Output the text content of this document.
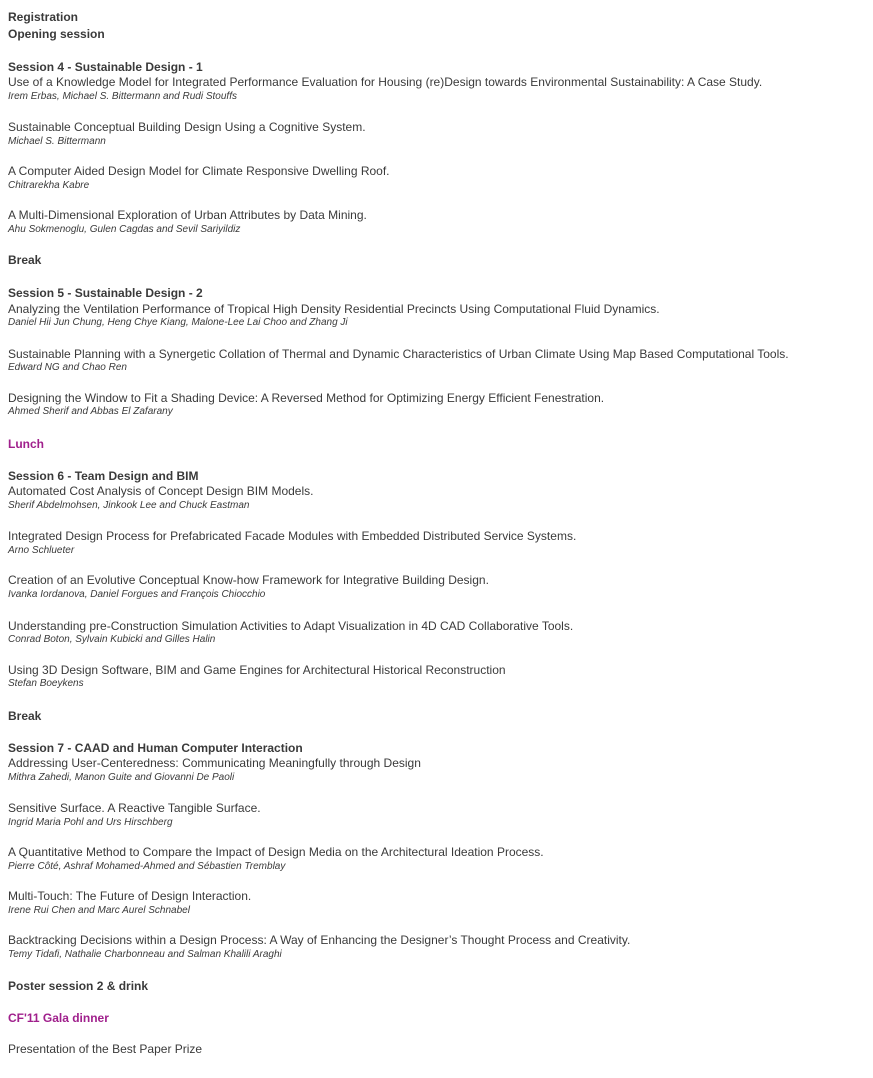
Registration
Opening session
Session 4 - Sustainable Design - 1
Use of a Knowledge Model for Integrated Performance Evaluation for Housing (re)Design towards Environmental Sustainability: A Case Study.
Irem Erbas, Michael S. Bittermann and Rudi Stouffs
Sustainable Conceptual Building Design Using a Cognitive System.
Michael S. Bittermann
A Computer Aided Design Model for Climate Responsive Dwelling Roof.
Chitrarekha Kabre
A Multi-Dimensional Exploration of Urban Attributes by Data Mining.
Ahu Sokmenoglu, Gulen Cagdas and Sevil Sariyildiz
Break
Session 5 - Sustainable Design - 2
Analyzing the Ventilation Performance of Tropical High Density Residential Precincts Using Computational Fluid Dynamics.
Daniel Hii Jun Chung, Heng Chye Kiang, Malone-Lee Lai Choo and Zhang Ji
Sustainable Planning with a Synergetic Collation of Thermal and Dynamic Characteristics of Urban Climate Using Map Based Computational Tools.
Edward NG and Chao Ren
Designing the Window to Fit a Shading Device: A Reversed Method for Optimizing Energy Efficient Fenestration.
Ahmed Sherif and Abbas El Zafarany
Lunch
Session 6 - Team Design and BIM
Automated Cost Analysis of Concept Design BIM Models.
Sherif Abdelmohsen, Jinkook Lee and Chuck Eastman
Integrated Design Process for Prefabricated Facade Modules with Embedded Distributed Service Systems.
Arno Schlueter
Creation of an Evolutive Conceptual Know-how Framework for Integrative Building Design.
Ivanka Iordanova, Daniel Forgues and François Chiocchio
Understanding pre-Construction Simulation Activities to Adapt Visualization in 4D CAD Collaborative Tools.
Conrad Boton, Sylvain Kubicki and Gilles Halin
Using 3D Design Software, BIM and Game Engines for Architectural Historical Reconstruction
Stefan Boeykens
Break
Session 7 - CAAD and Human Computer Interaction
Addressing User-Centeredness: Communicating Meaningfully through Design
Mithra Zahedi, Manon Guite and Giovanni De Paoli
Sensitive Surface. A Reactive Tangible Surface.
Ingrid Maria Pohl and Urs Hirschberg
A Quantitative Method to Compare the Impact of Design Media on the Architectural Ideation Process.
Pierre Côté, Ashraf Mohamed-Ahmed and Sébastien Tremblay
Multi-Touch: The Future of Design Interaction.
Irene Rui Chen and Marc Aurel Schnabel
Backtracking Decisions within a Design Process: A Way of Enhancing the Designer’s Thought Process and Creativity.
Temy Tidafi, Nathalie Charbonneau and Salman Khalili Araghi
Poster session 2 & drink
CF'11 Gala dinner
Presentation of the Best Paper Prize
